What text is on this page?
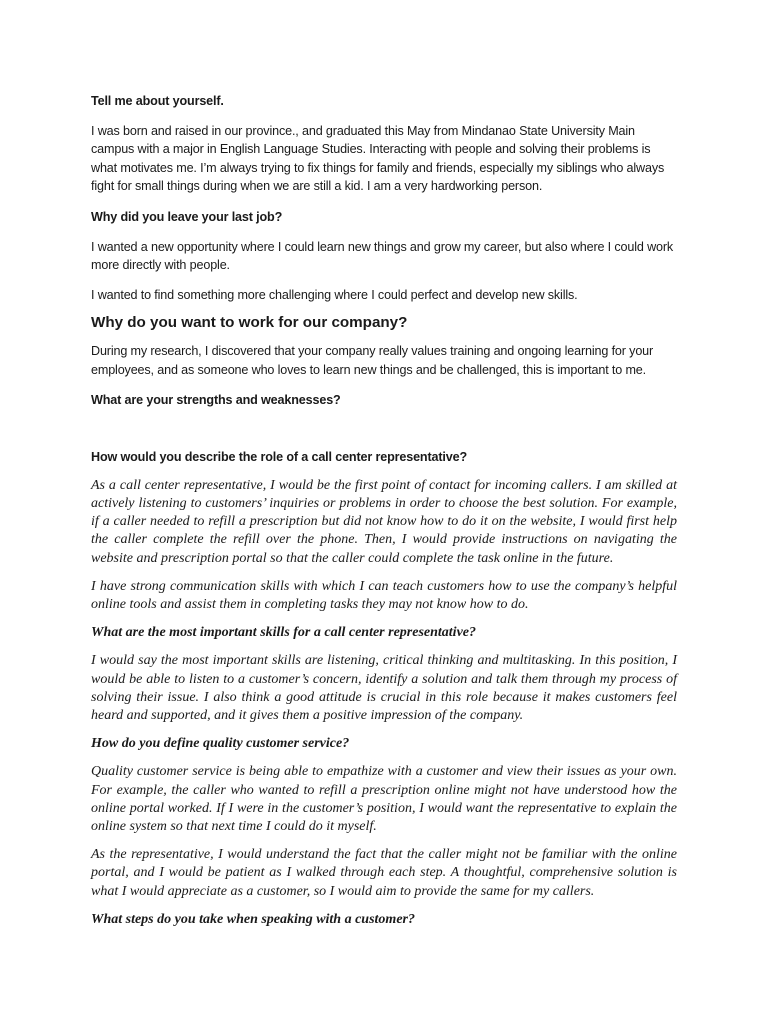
Tell me about yourself.

I was born and raised in our province., and graduated this May from Mindanao State University Main campus with a major in English Language Studies. Interacting with people and solving their problems is what motivates me. I’m always trying to fix things for family and friends, especially my siblings who always fight for small things during when we are still a kid. I am a very hardworking person.

Why did you leave your last job?

I wanted a new opportunity where I could learn new things and grow my career, but also where I could work more directly with people.

I wanted to find something more challenging where I could perfect and develop new skills.

Why do you want to work for our company?

During my research, I discovered that your company really values training and ongoing learning for your employees, and as someone who loves to learn new things and be challenged, this is important to me.

What are your strengths and weaknesses?
How would you describe the role of a call center representative?

As a call center representative, I would be the first point of contact for incoming callers. I am skilled at actively listening to customers’ inquiries or problems in order to choose the best solution. For example, if a caller needed to refill a prescription but did not know how to do it on the website, I would first help the caller complete the refill over the phone. Then, I would provide instructions on navigating the website and prescription portal so that the caller could complete the task online in the future.

I have strong communication skills with which I can teach customers how to use the company’s helpful online tools and assist them in completing tasks they may not know how to do.

What are the most important skills for a call center representative?

I would say the most important skills are listening, critical thinking and multitasking. In this position, I would be able to listen to a customer’s concern, identify a solution and talk them through my process of solving their issue. I also think a good attitude is crucial in this role because it makes customers feel heard and supported, and it gives them a positive impression of the company.

How do you define quality customer service?

Quality customer service is being able to empathize with a customer and view their issues as your own. For example, the caller who wanted to refill a prescription online might not have understood how the online portal worked. If I were in the customer’s position, I would want the representative to explain the online system so that next time I could do it myself.

As the representative, I would understand the fact that the caller might not be familiar with the online portal, and I would be patient as I walked through each step. A thoughtful, comprehensive solution is what I would appreciate as a customer, so I would aim to provide the same for my callers.

What steps do you take when speaking with a customer?
